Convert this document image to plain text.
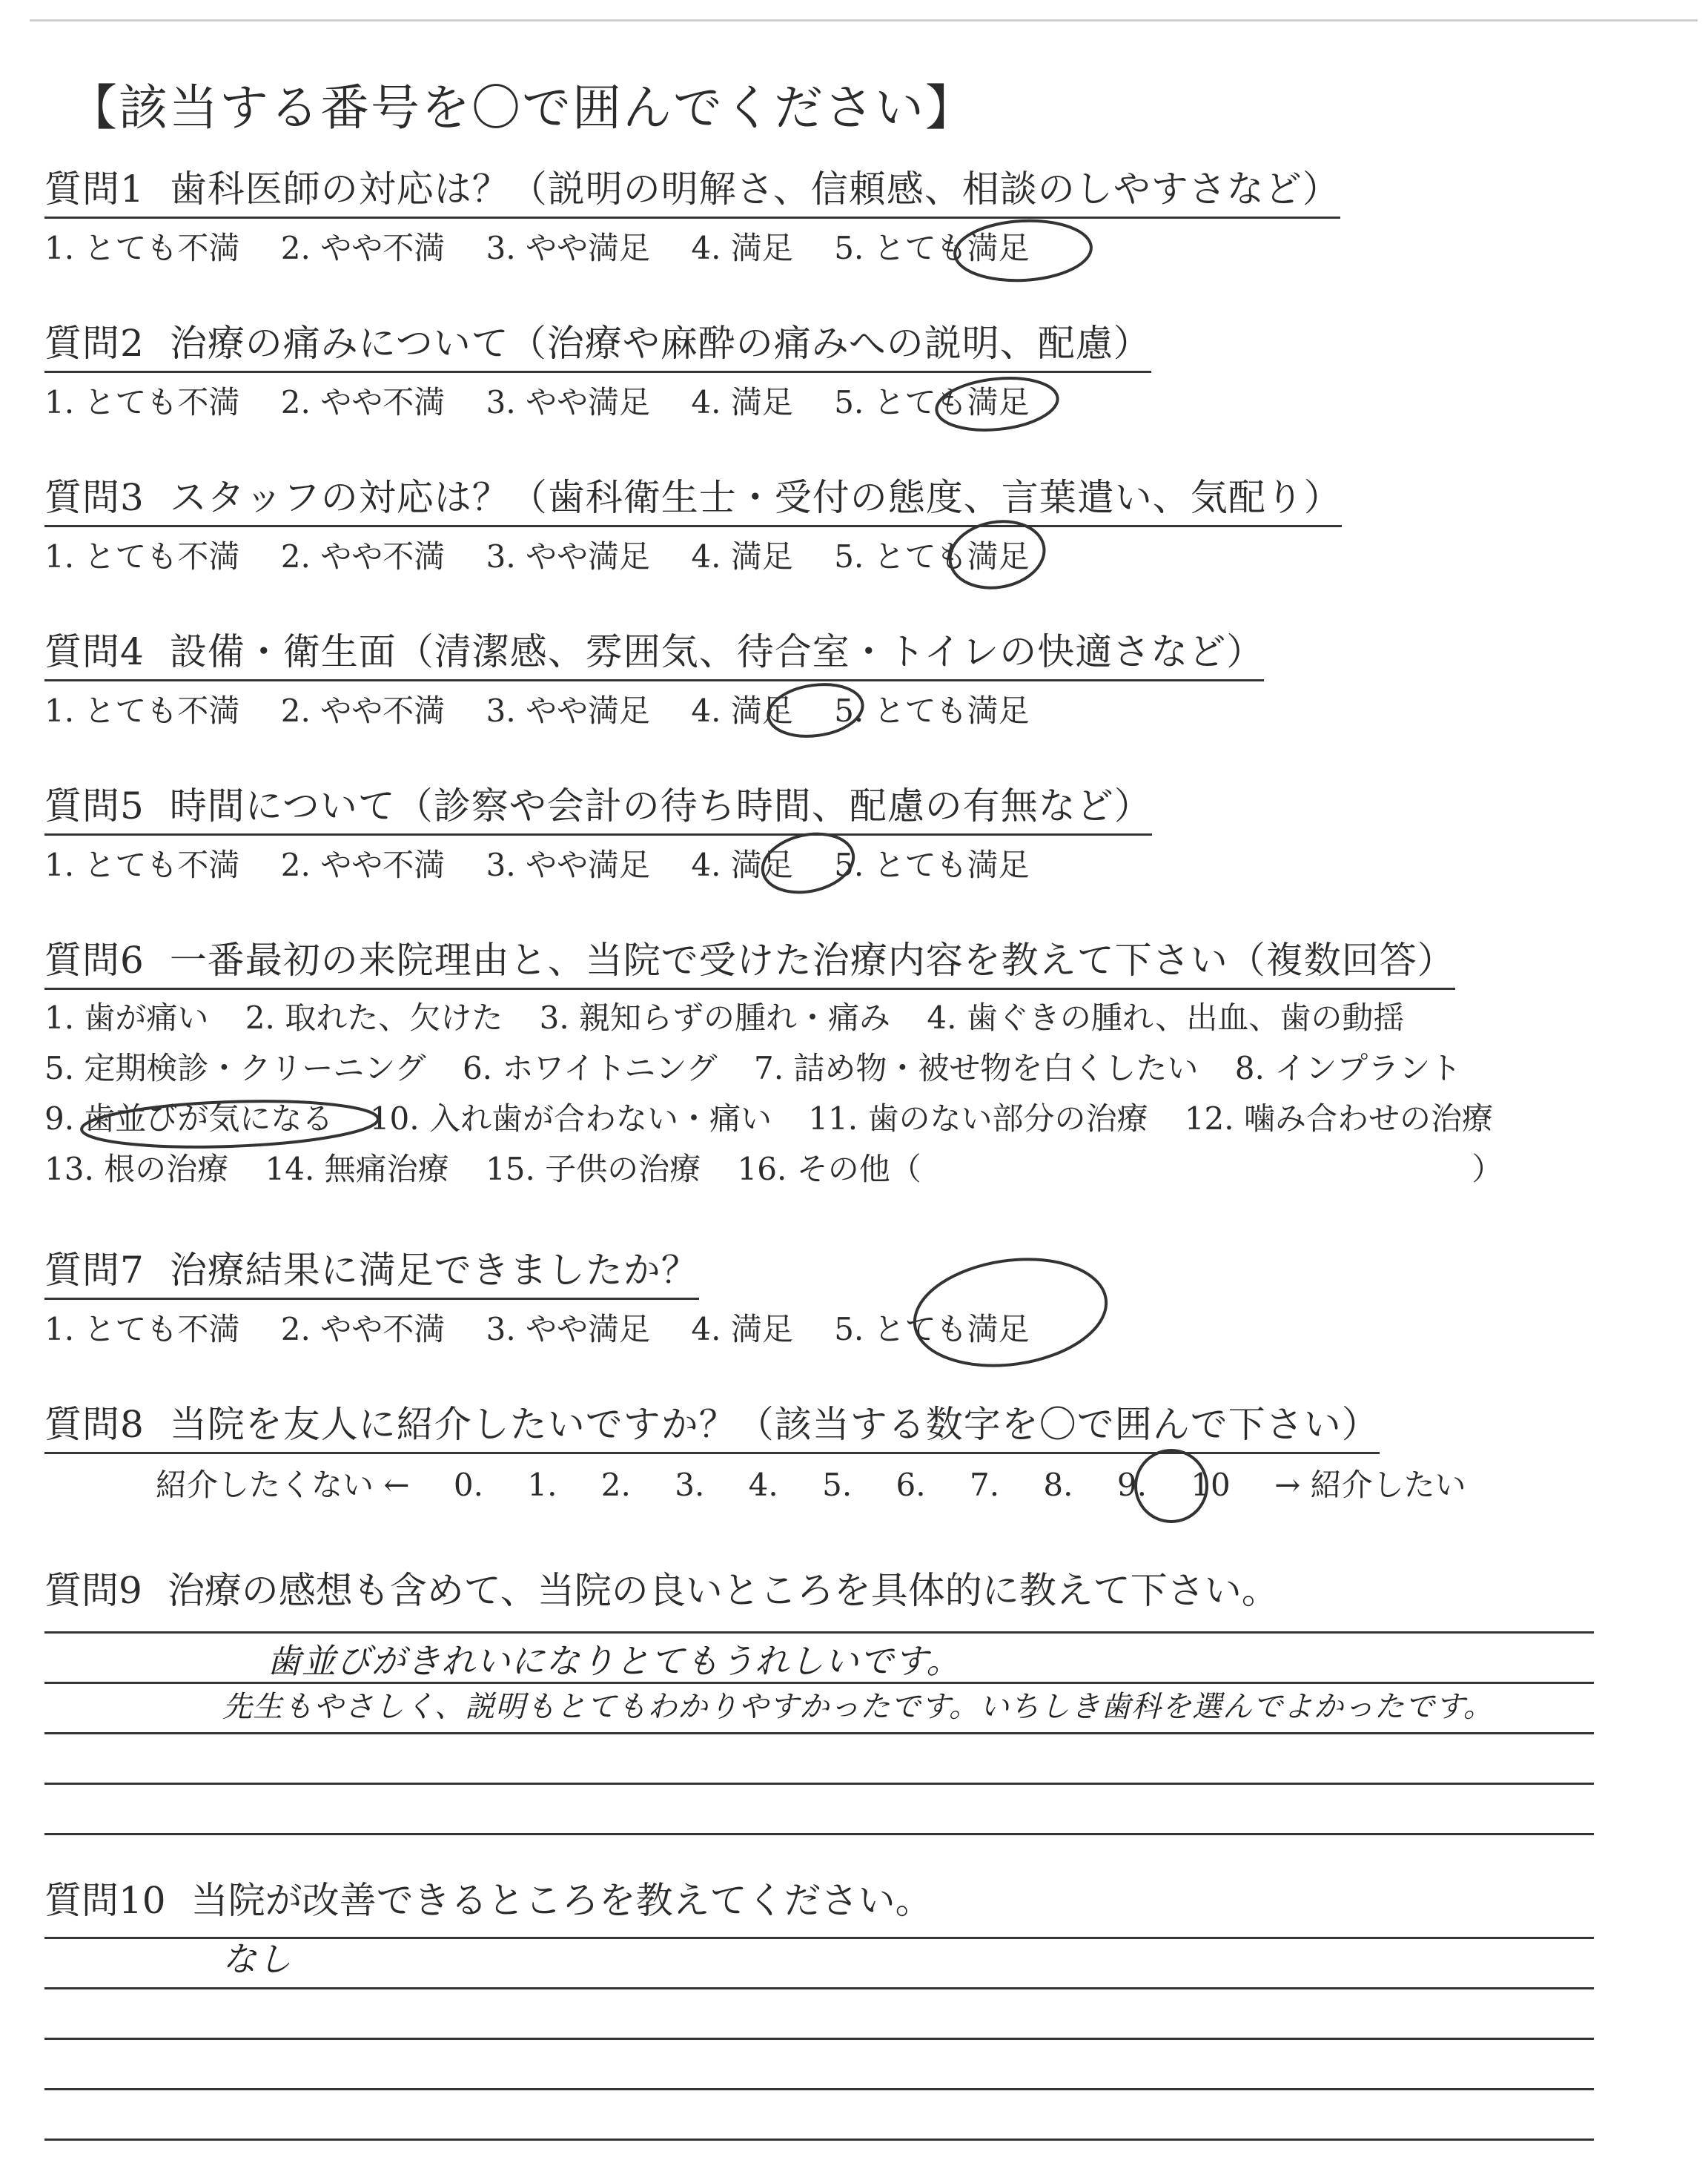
【該当する番号を〇で囲んでください】
質問1 歯科医師の対応は？（説明の明解さ、信頼感、相談のしやすさなど）
1. とても不満 2. やや不満 3. やや満足 4. 満足 5. とても満足
質問2 治療の痛みについて（治療や麻酔の痛みへの説明、配慮）
1. とても不満 2. やや不満 3. やや満足 4. 満足 5. とても満足
質問3 スタッフの対応は？（歯科衛生士・受付の態度、言葉遣い、気配り）
1. とても不満 2. やや不満 3. やや満足 4. 満足 5. とても満足
質問4 設備・衛生面（清潔感、雰囲気、待合室・トイレの快適さなど）
1. とても不満 2. やや不満 3. やや満足 4. 満足 5. とても満足
質問5 時間について（診察や会計の待ち時間、配慮の有無など）
1. とても不満 2. やや不満 3. やや満足 4. 満足 5. とても満足
質問6 一番最初の来院理由と、当院で受けた治療内容を教えて下さい（複数回答）
1. 歯が痛い 2. 取れた、欠けた 3. 親知らずの腫れ・痛み 4. 歯ぐきの腫れ、出血、歯の動揺
5. 定期検診・クリーニング 6. ホワイトニング 7. 詰め物・被せ物を白くしたい 8. インプラント
9. 歯並びが気になる 10. 入れ歯が合わない・痛い 11. 歯のない部分の治療 12. 噛み合わせの治療
13. 根の治療 14. 無痛治療 15. 子供の治療 16. その他（	）
質問7 治療結果に満足できましたか？
1. とても不満 2. やや不満 3. やや満足 4. 満足 5. とても満足
質問8 当院を友人に紹介したいですか？（該当する数字を〇で囲んで下さい）
紹介したくない ← 0. 1. 2. 3. 4. 5. 6. 7. 8. 9. 10 → 紹介したい
質問9 治療の感想も含めて、当院の良いところを具体的に教えて下さい。
歯並びがきれいになりとてもうれしいです。
先生もやさしく、説明もとてもわかりやすかったです。いちしき歯科を選んでよかったです。
質問10 当院が改善できるところを教えてください。
なし
